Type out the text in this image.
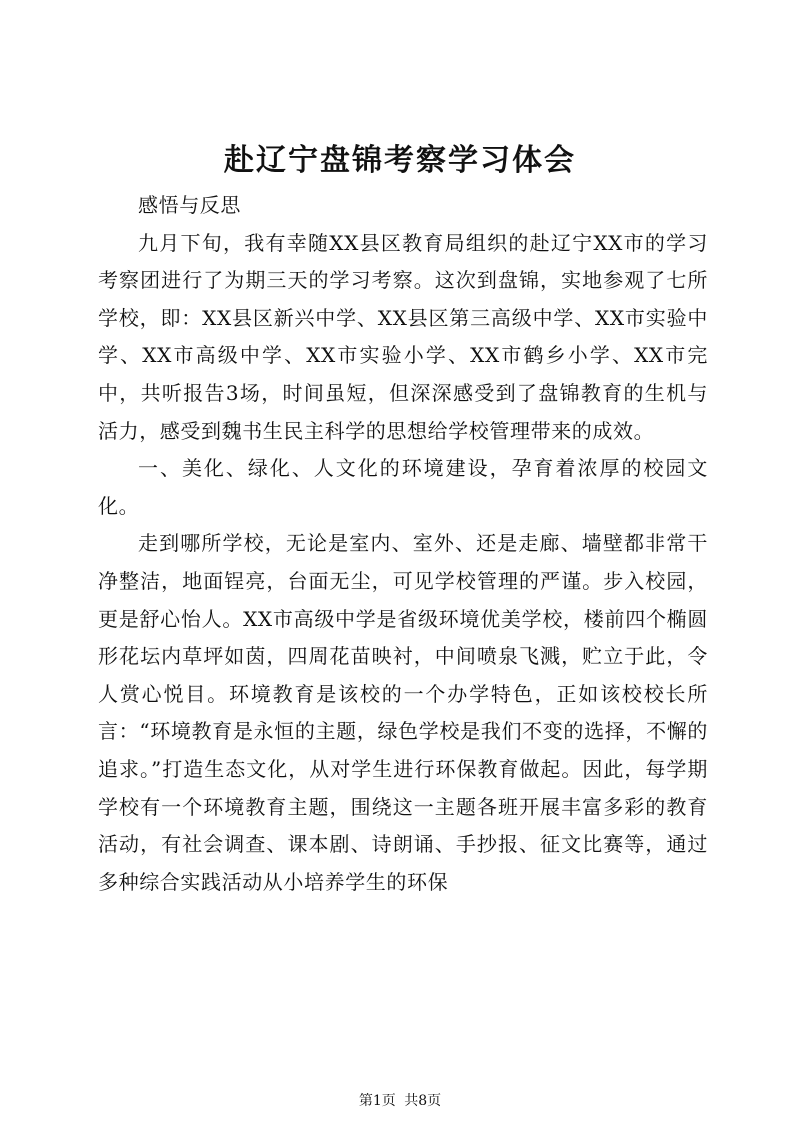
赴辽宁盘锦考察学习体会

感悟与反思

九月下旬，我有幸随XX县区教育局组织的赴辽宁XX市的学习考察团进行了为期三天的学习考察。这次到盘锦，实地参观了七所学校，即：XX县区新兴中学、XX县区第三高级中学、XX市实验中学、XX市高级中学、XX市实验小学、XX市鹤乡小学、XX市完中，共听报告3场，时间虽短，但深深感受到了盘锦教育的生机与活力，感受到魏书生民主科学的思想给学校管理带来的成效。

一、美化、绿化、人文化的环境建设，孕育着浓厚的校园文化。

走到哪所学校，无论是室内、室外、还是走廊、墙壁都非常干净整洁，地面锃亮，台面无尘，可见学校管理的严谨。步入校园，更是舒心怡人。XX市高级中学是省级环境优美学校，楼前四个椭圆形花坛内草坪如茵，四周花苗映衬，中间喷泉飞溅，贮立于此，令人赏心悦目。环境教育是该校的一个办学特色，正如该校校长所言：“环境教育是永恒的主题，绿色学校是我们不变的选择，不懈的追求。”打造生态文化，从对学生进行环保教育做起。因此，每学期学校有一个环境教育主题，围绕这一主题各班开展丰富多彩的教育活动，有社会调查、课本剧、诗朗诵、手抄报、征文比赛等，通过多种综合实践活动从小培养学生的环保

第1页 共8页
